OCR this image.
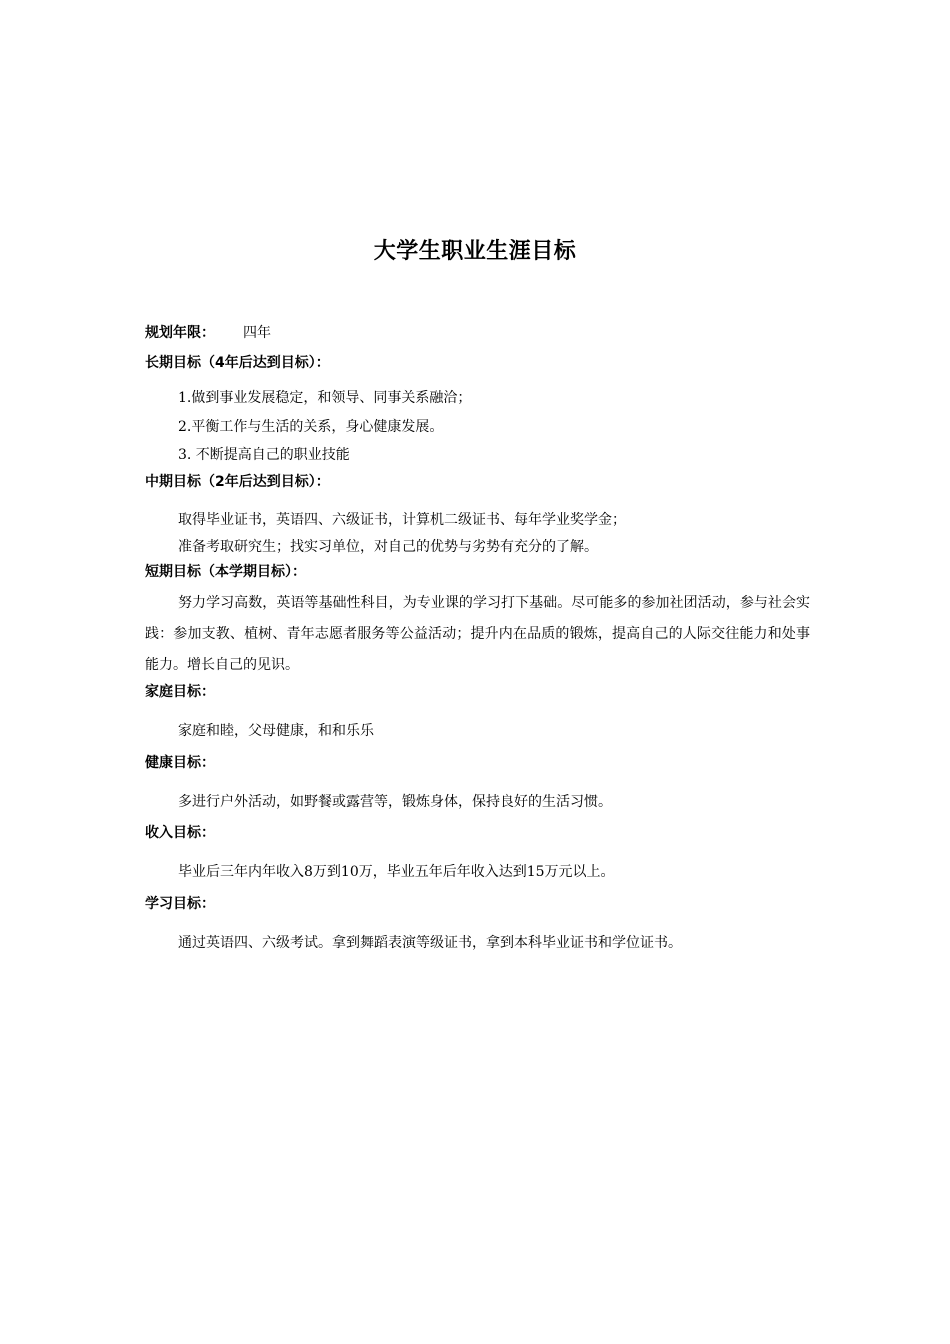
大学生职业生涯目标
规划年限： 四年
长期目标（4年后达到目标）：
1.做到事业发展稳定，和领导、同事关系融洽；
2.平衡工作与生活的关系，身心健康发展。
3. 不断提高自己的职业技能
中期目标（2年后达到目标）：

取得毕业证书，英语四、六级证书，计算机二级证书、每年学业奖学金；

准备考取研究生；找实习单位，对自己的优势与劣势有充分的了解。

短期目标（本学期目标）：

努力学习高数，英语等基础性科目，为专业课的学习打下基础。尽可能多的参加社团活动，参与社会实践：参加支教、植树、青年志愿者服务等公益活动；提升内在品质的锻炼，提高自己的人际交往能力和处事能力。增长自己的见识。

家庭目标：

家庭和睦，父母健康，和和乐乐

健康目标：

多进行户外活动，如野餐或露营等，锻炼身体，保持良好的生活习惯。

收入目标：

毕业后三年内年收入8万到10万，毕业五年后年收入达到15万元以上。

学习目标：

通过英语四、六级考试。拿到舞蹈表演等级证书，拿到本科毕业证书和学位证书。
